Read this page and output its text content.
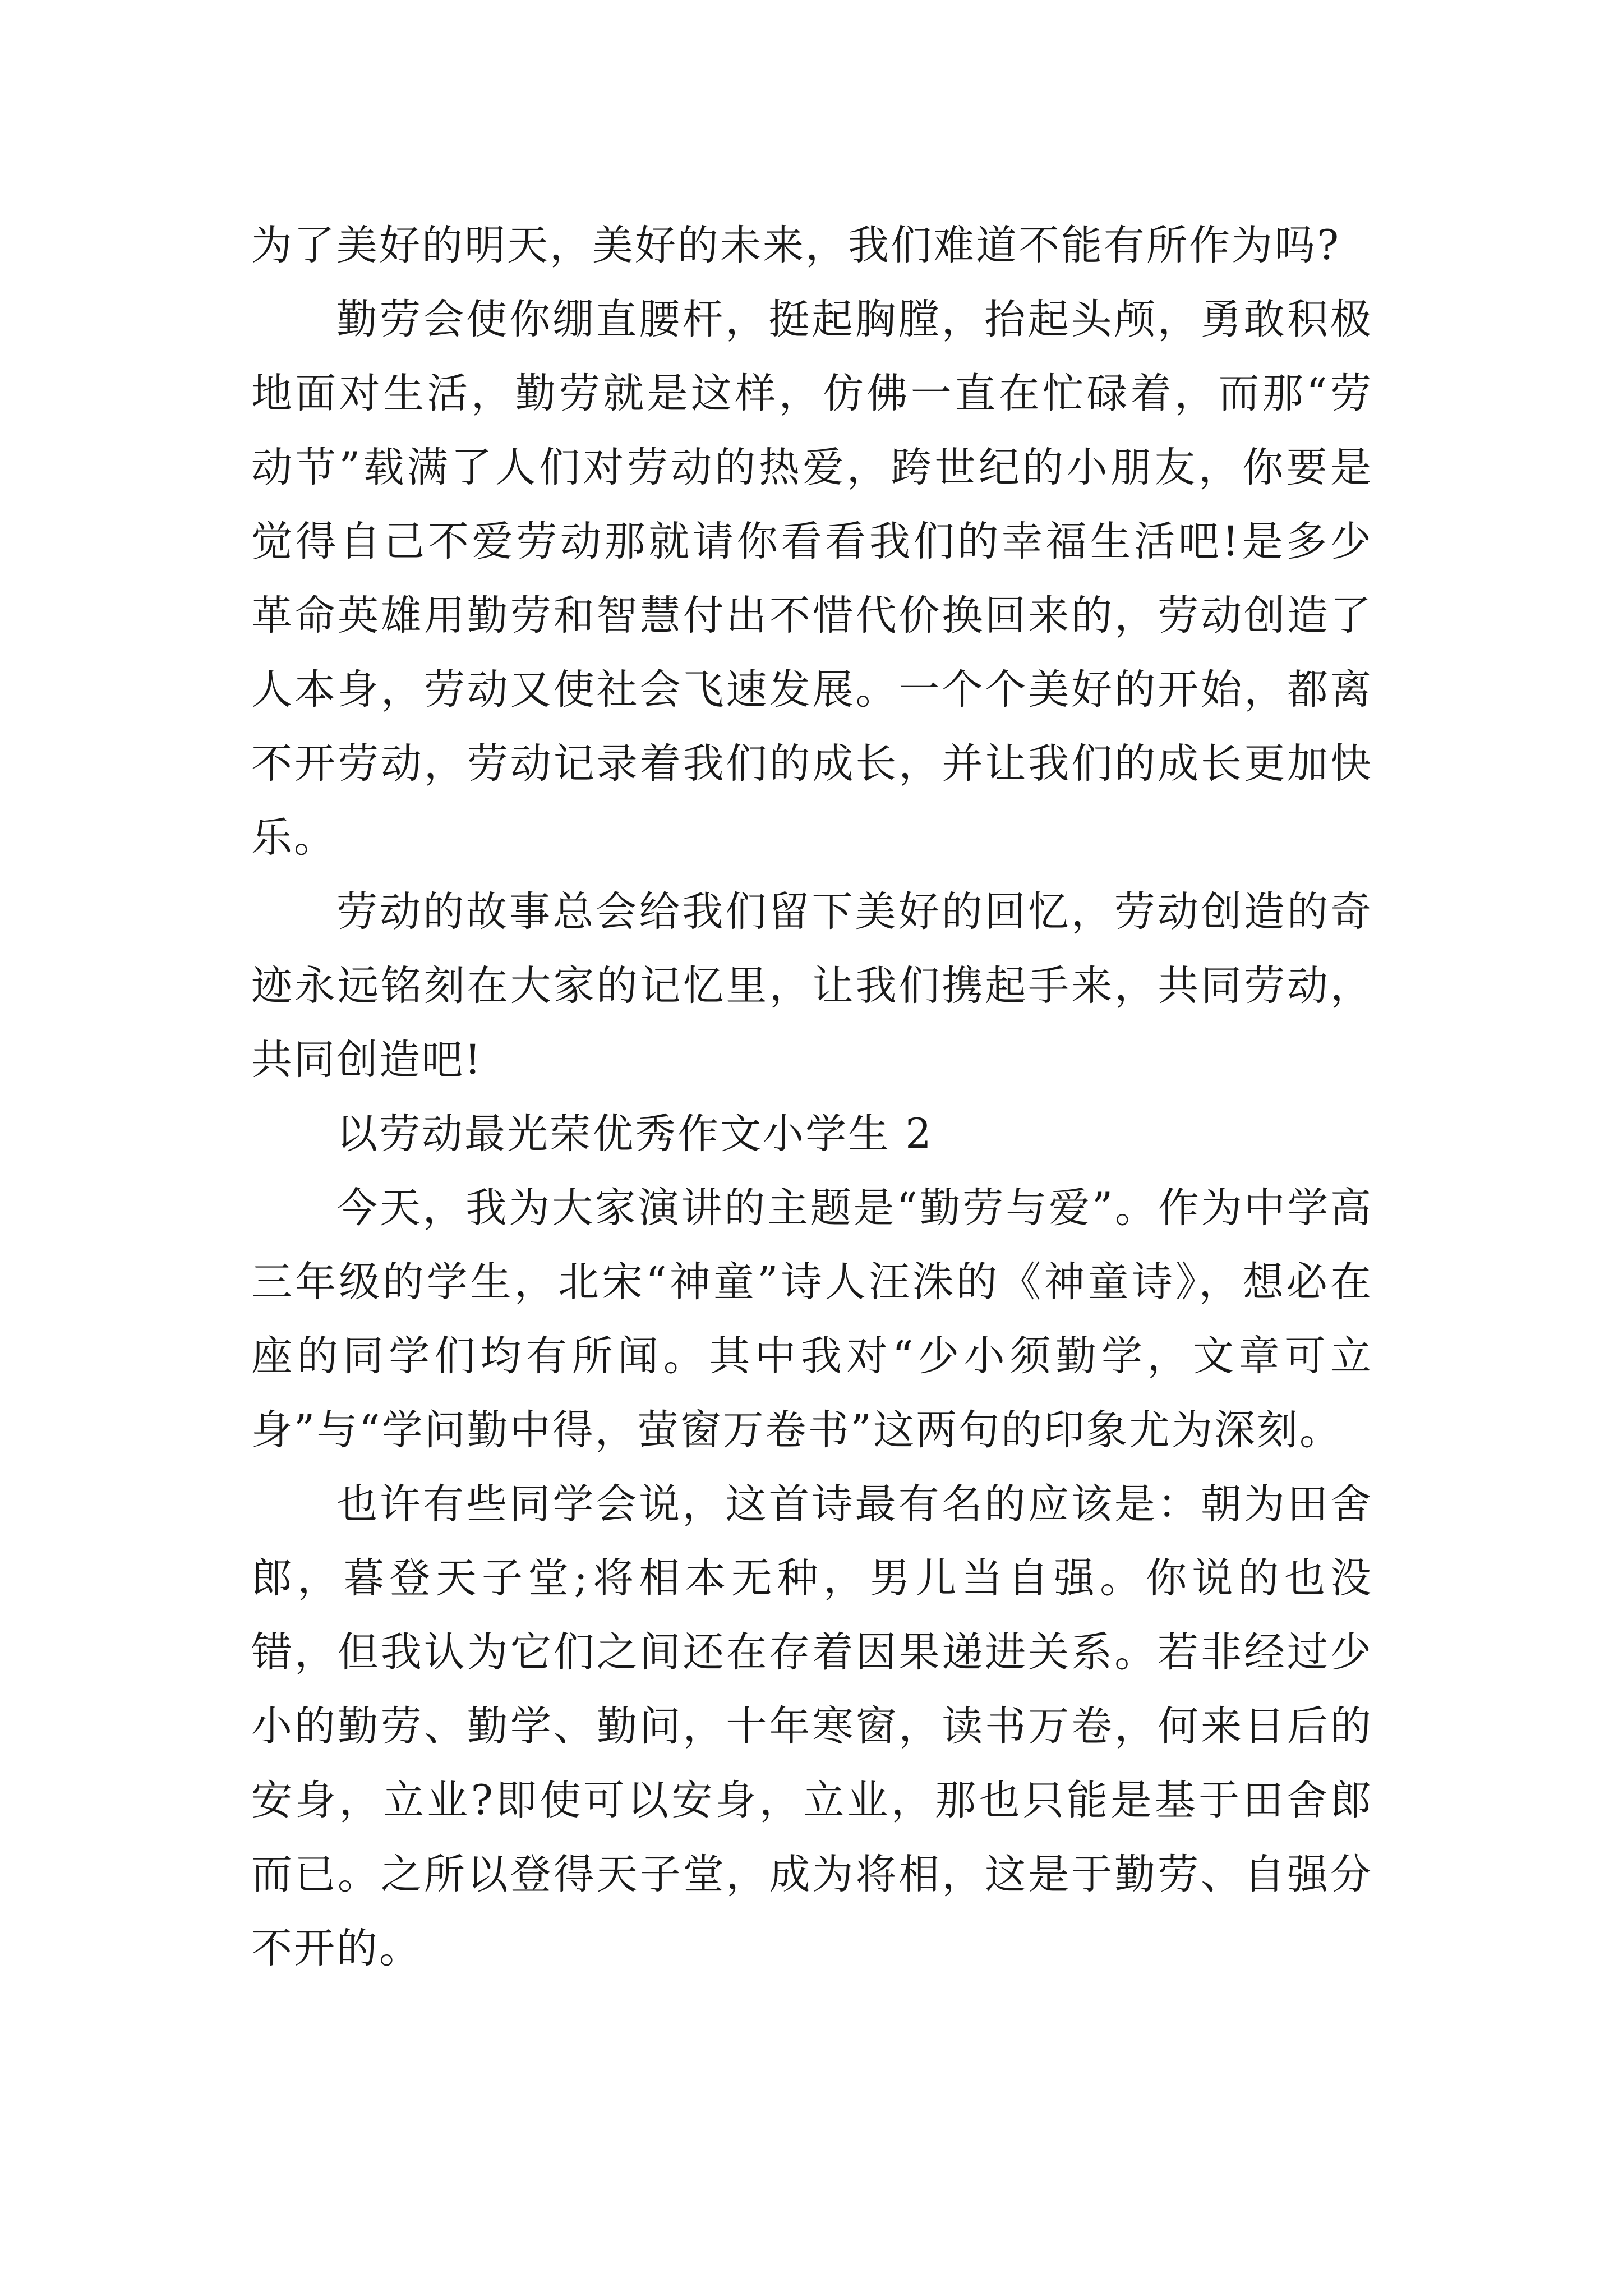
为了美好的明天，美好的未来，我们难道不能有所作为吗?

勤劳会使你绷直腰杆，挺起胸膛，抬起头颅，勇敢积极地面对生活，勤劳就是这样，仿佛一直在忙碌着，而那“劳动节”载满了人们对劳动的热爱，跨世纪的小朋友，你要是觉得自己不爱劳动那就请你看看我们的幸福生活吧!是多少革命英雄用勤劳和智慧付出不惜代价换回来的，劳动创造了人本身，劳动又使社会飞速发展。一个个美好的开始，都离不开劳动，劳动记录着我们的成长，并让我们的成长更加快乐。

劳动的故事总会给我们留下美好的回忆，劳动创造的奇迹永远铭刻在大家的记忆里，让我们携起手来，共同劳动，共同创造吧!

以劳动最光荣优秀作文小学生 2

今天，我为大家演讲的主题是“勤劳与爱”。作为中学高三年级的学生，北宋“神童”诗人汪洙的《神童诗》，想必在座的同学们均有所闻。其中我对“少小须勤学，文章可立身”与“学问勤中得，萤窗万卷书”这两句的印象尤为深刻。

也许有些同学会说，这首诗最有名的应该是：朝为田舍郎，暮登天子堂;将相本无种，男儿当自强。你说的也没错，但我认为它们之间还在存着因果递进关系。若非经过少小的勤劳、勤学、勤问，十年寒窗，读书万卷，何来日后的安身，立业?即使可以安身，立业，那也只能是基于田舍郎而已。之所以登得天子堂，成为将相，这是于勤劳、自强分不开的。
